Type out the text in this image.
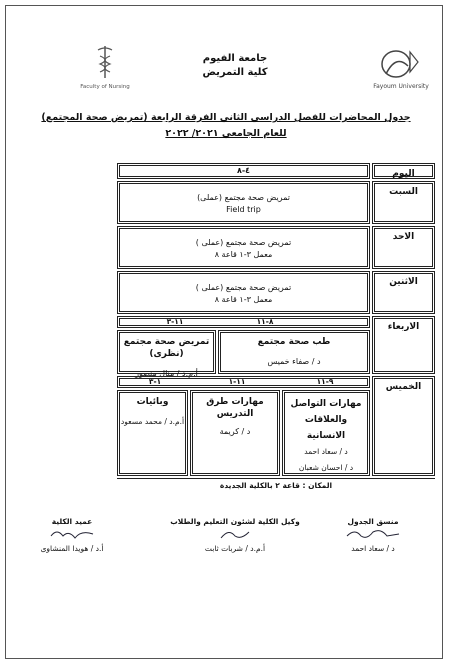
Fayoum University
Faculty of Nursing
جامعة الفيوم
كلية التمريض
جدول المحاضرات للفصل الدراسي الثاني الفرقة الرابعة (تمريض صحة المجتمع)
للعام الجامعي ٢٠٢١/ ٢٠٢٢
اليوم
السبت
الاحد
الاثنين
الاربعاء
الخميس
٤-٨
تمريض صحة مجتمع (عملى)
Field trip
تمريض صحة مجتمع (عملى )
معمل ٣-١ قاعة ٨
تمريض صحة مجتمع (عملى )
معمل ٣-١ قاعة ٨
٨-١١
١١-٣
طب صحة مجتمع
د / صفاء خميس
تمريض صحة مجتمع (نظرى)
أ.م.د / منال منصور
٩-١١
١١-١
١-٣
مهارات التواصل
والعلاقات الانسانية
د / سعاد احمد
د / احسان شعبان
مهارات طرق التدريس
د / كريمة
وبائيات
أ.م.د / محمد مسعود
المكان : قاعة ٢ بالكلية الجديدة
منسق الجدول
د / سعاد احمد
وكيل الكلية لشئون التعليم والطلاب
أ.م.د / شربات ثابت
عميد الكلية
أ.د / هويدا المنشاوى
